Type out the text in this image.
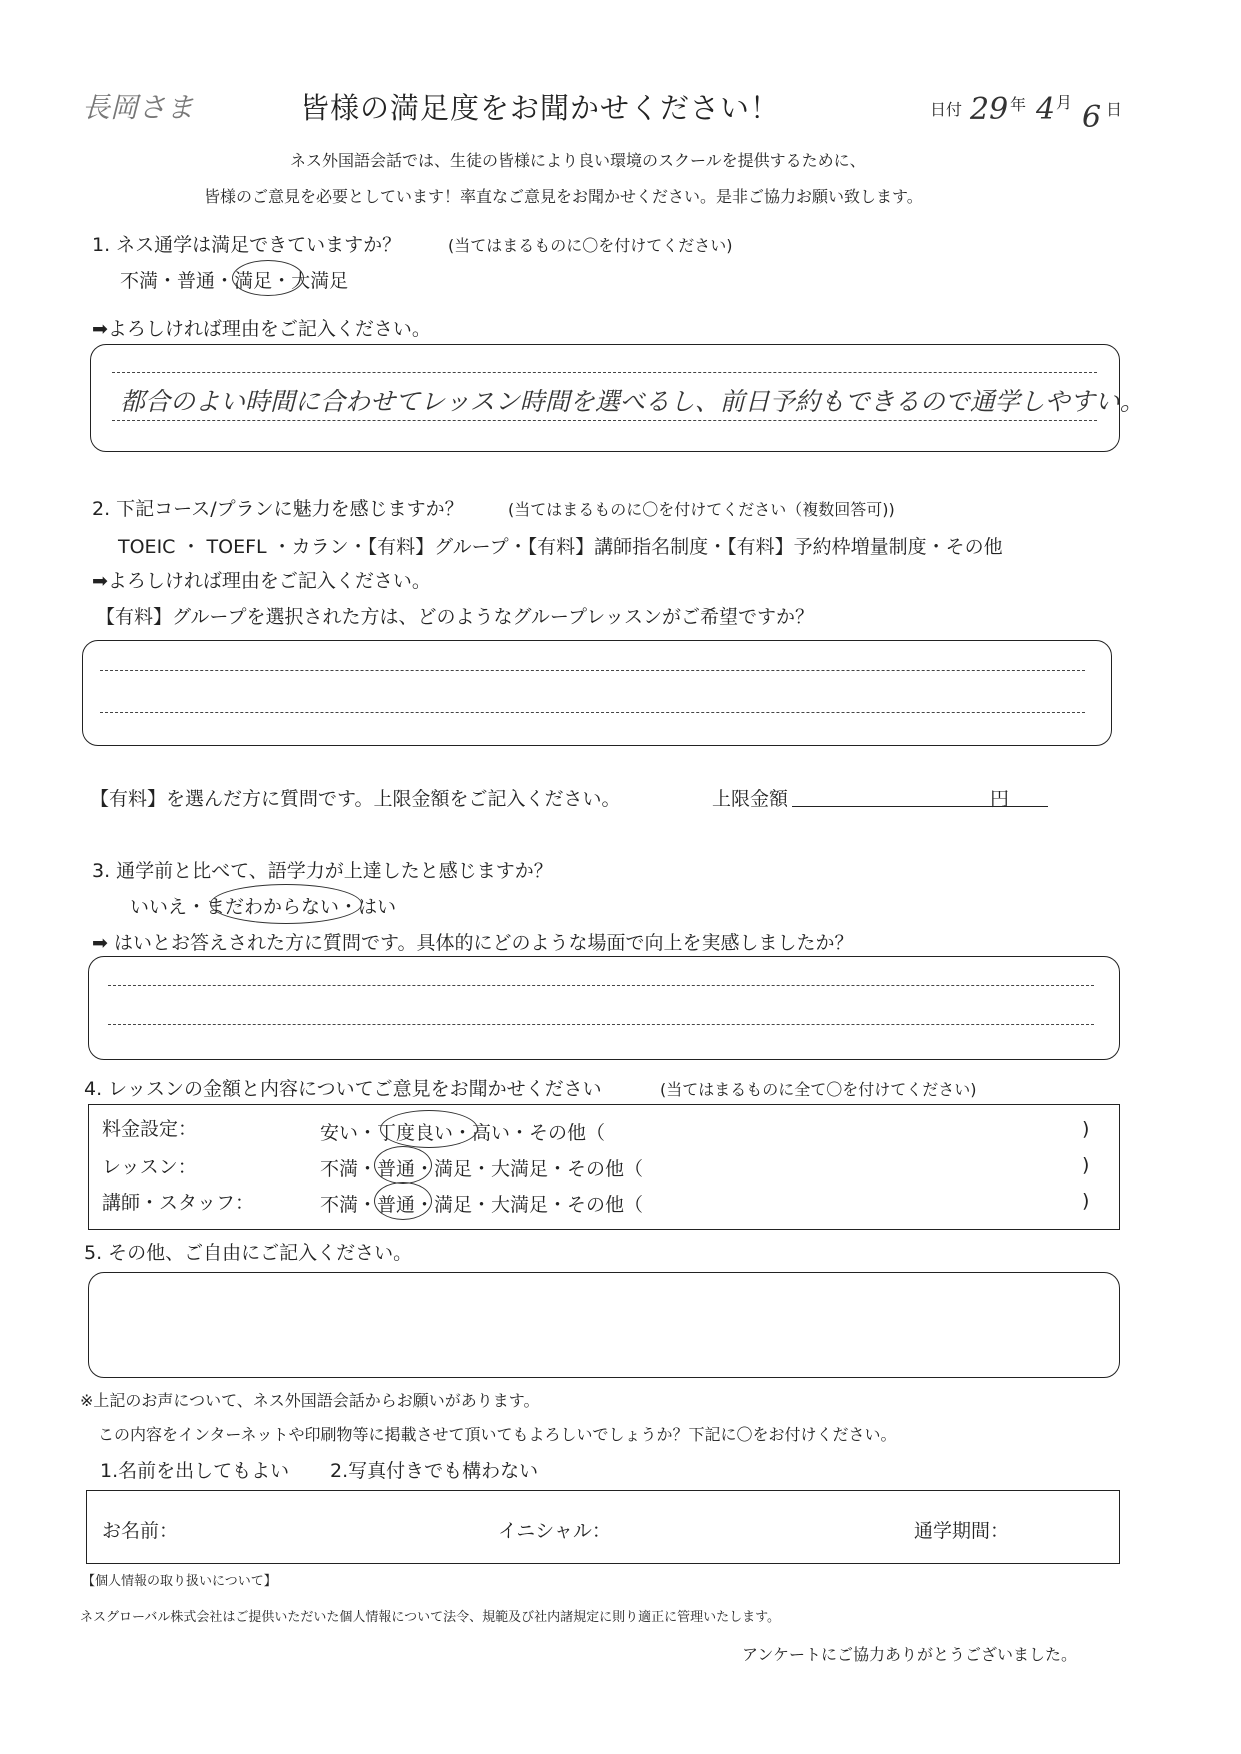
長岡さま	皆様の満足度をお聞かせください！	日付 29 年 4 月 6 日
ネス外国語会話では、生徒の皆様により良い環境のスクールを提供するために、
皆様のご意見を必要としています！率直なご意見をお聞かせください。是非ご協力お願い致します。
1. ネス通学は満足できていますか？	(当てはまるものに〇を付けてください)
不満・普通・満足・大満足
➡よろしければ理由をご記入ください。
都合のよい時間に合わせてレッスン時間を選べるし、前日予約もできるので通学しやすい。
2. 下記コース/プランに魅力を感じますか？	(当てはまるものに〇を付けてください（複数回答可))
TOEIC ・ TOEFL ・カラン・【有料】グループ・【有料】講師指名制度・【有料】予約枠増量制度・その他
➡よろしければ理由をご記入ください。
【有料】グループを選択された方は、どのようなグループレッスンがご希望ですか？
【有料】を選んだ方に質問です。上限金額をご記入ください。	上限金額	円
3. 通学前と比べて、語学力が上達したと感じますか？
いいえ・まだわからない・はい
➡ はいとお答えされた方に質問です。具体的にどのような場面で向上を実感しましたか？
4. レッスンの金額と内容についてご意見をお聞かせください	(当てはまるものに全て〇を付けてください)
料金設定：	安い・丁度良い・高い・その他（	)
レッスン：	不満・普通・満足・大満足・その他（	)
講師・スタッフ：	不満・普通・満足・大満足・その他（	)
5. その他、ご自由にご記入ください。
※上記のお声について、ネス外国語会話からお願いがあります。
この内容をインターネットや印刷物等に掲載させて頂いてもよろしいでしょうか？下記に〇をお付けください。
1.名前を出してもよい 2.写真付きでも構わない
お名前：	イニシャル：	通学期間：
【個人情報の取り扱いについて】
ネスグローバル株式会社はご提供いただいた個人情報について法令、規範及び社内諸規定に則り適正に管理いたします。
アンケートにご協力ありがとうございました。
